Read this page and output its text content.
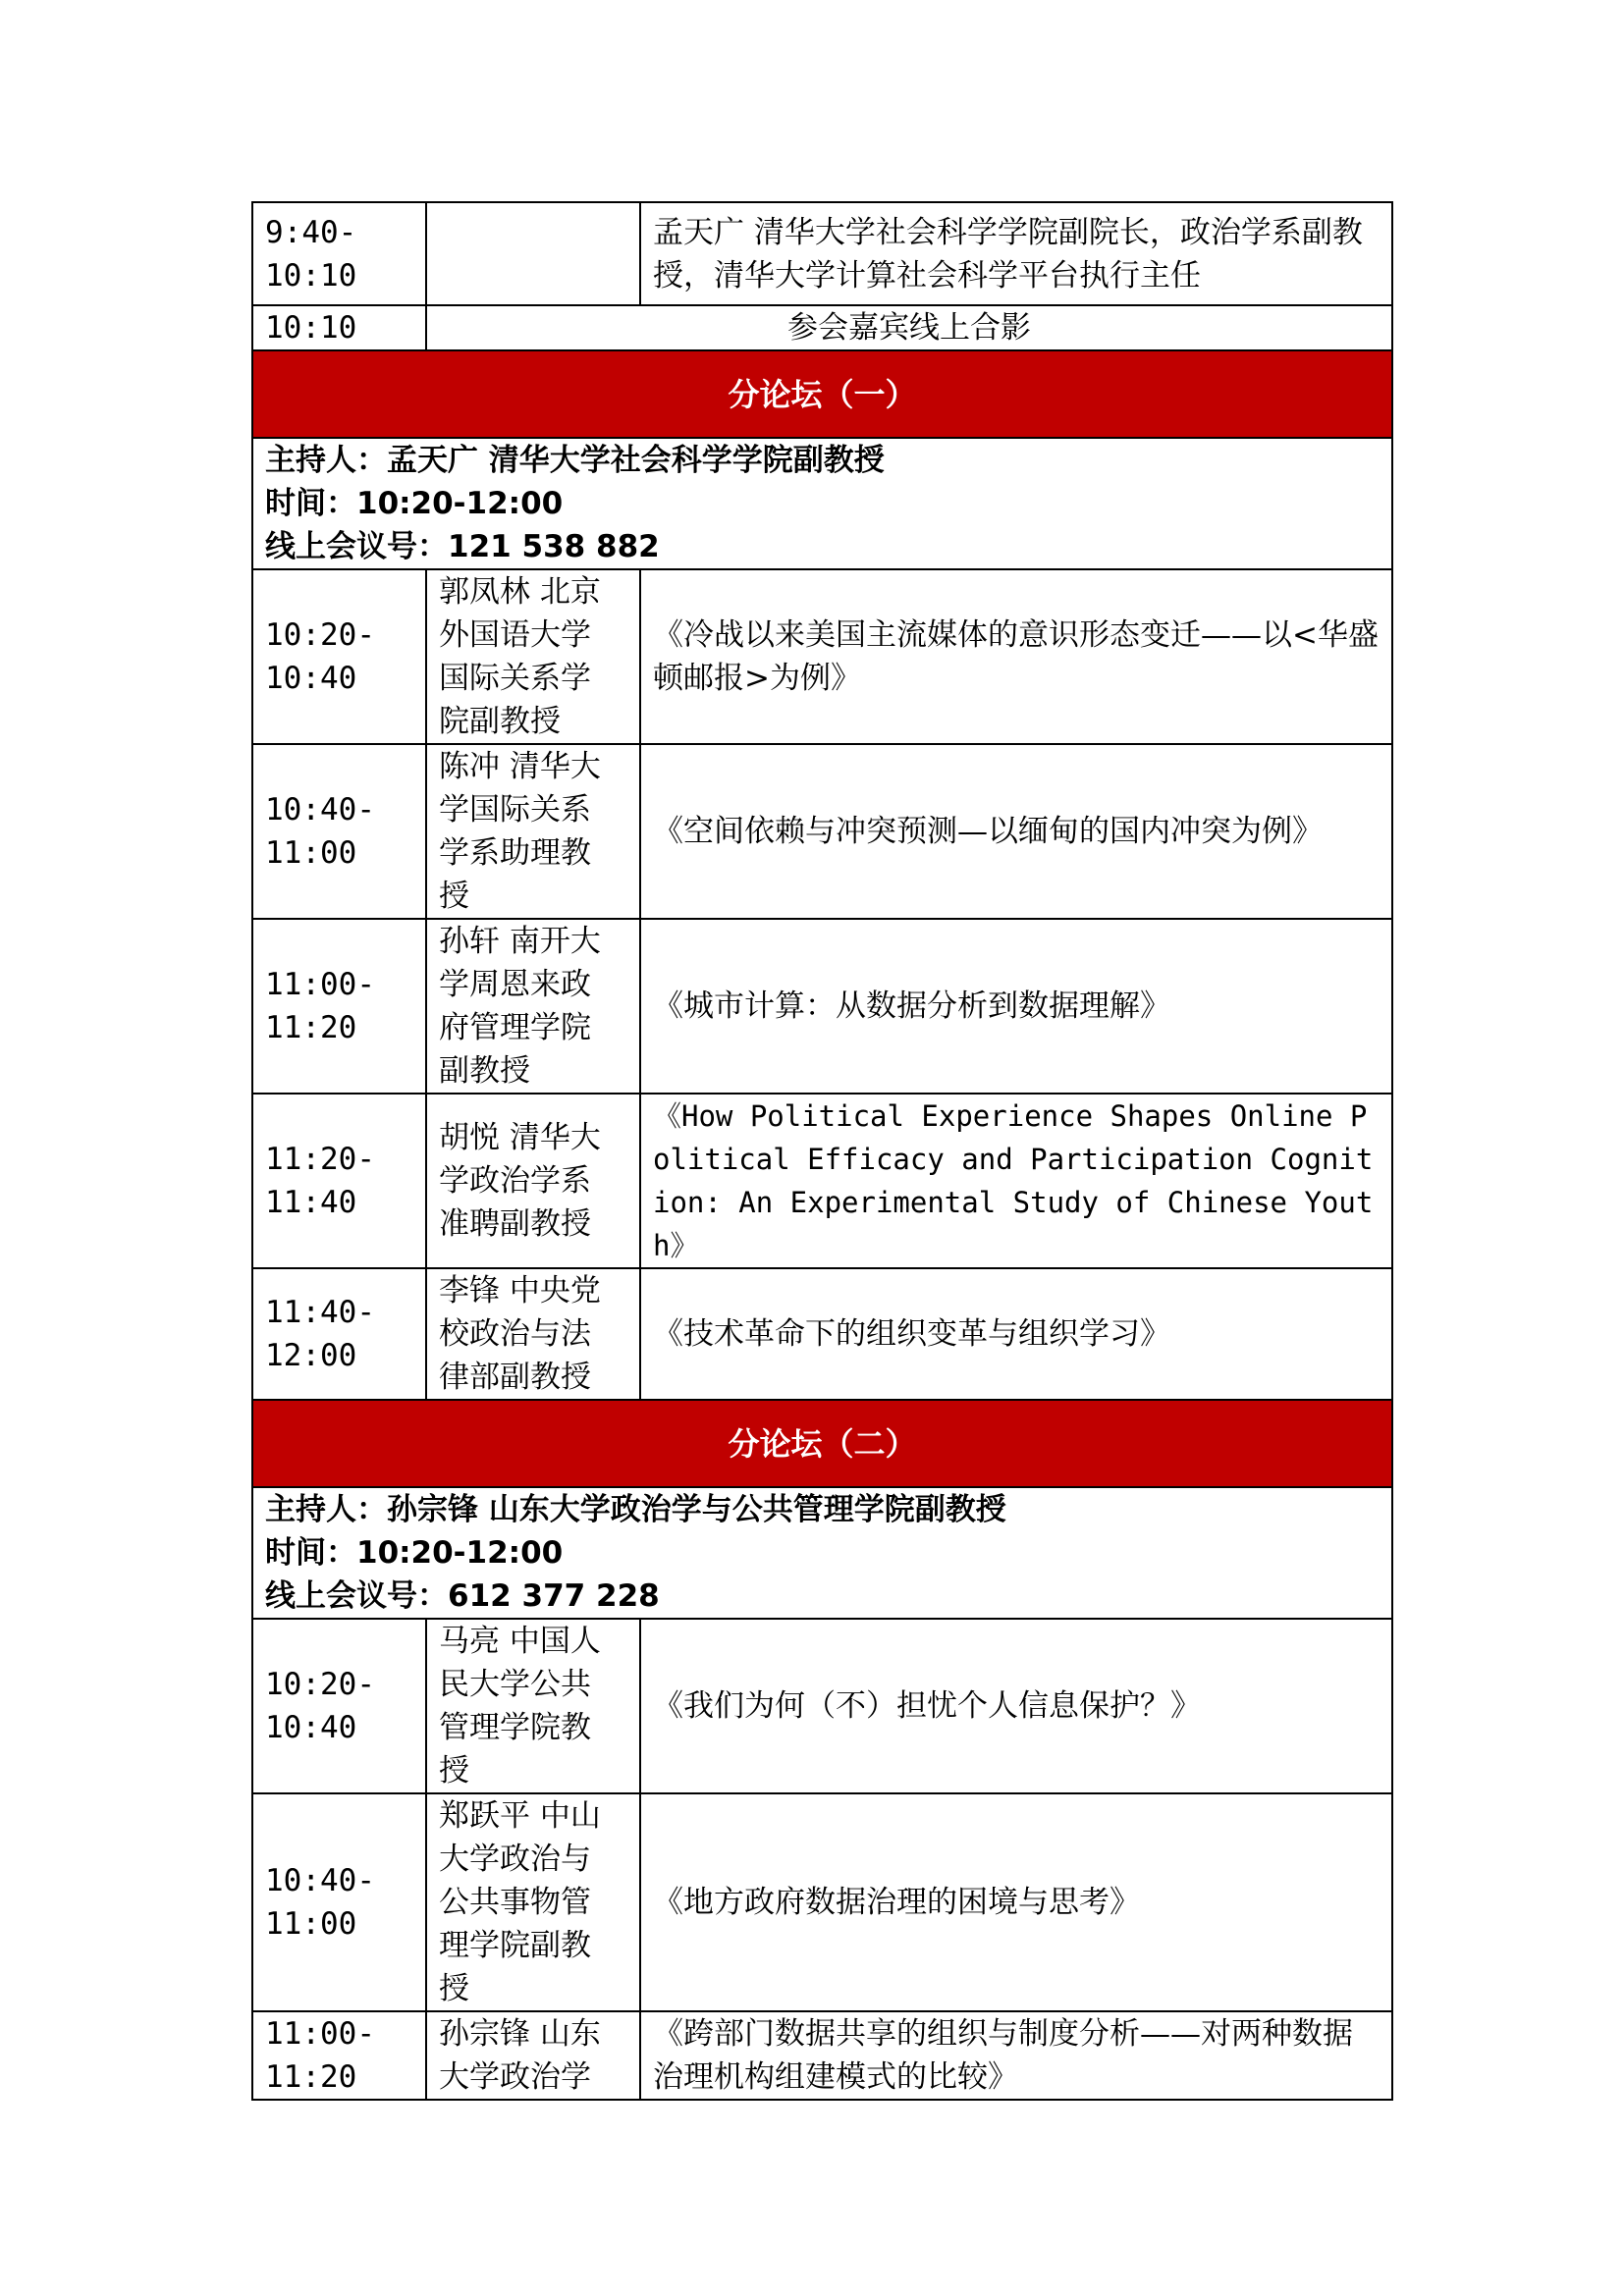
9:40-
10:10		孟天广 清华大学社会科学学院副院长，政治学系副教授，清华大学计算社会科学平台执行主任
10:10	参会嘉宾线上合影	
分论坛（一）		

主持人：孟天广 清华大学社会科学学院副教授
时间：10:20-12:00
线上会议号：121 538 882		

10:20-
10:40	郭凤林 北京
外国语大学
国际关系学
院副教授	《冷战以来美国主流媒体的意识形态变迁——以<华盛顿邮报>为例》
10:40-
11:00	陈冲 清华大
学国际关系
学系助理教
授	《空间依赖与冲突预测—以缅甸的国内冲突为例》
11:00-
11:20	孙轩 南开大
学周恩来政
府管理学院
副教授	《城市计算：从数据分析到数据理解》
11:20-
11:40	胡悦 清华大
学政治学系
准聘副教授	《How Political Experience Shapes Online Political Efficacy and Participation Cognition: An Experimental Study of Chinese Youth》
11:40-
12:00	李锋 中央党
校政治与法
律部副教授	《技术革命下的组织变革与组织学习》
分论坛（二）		

主持人：孙宗锋 山东大学政治学与公共管理学院副教授
时间：10:20-12:00
线上会议号：612 377 228		

10:20-
10:40	马亮 中国人
民大学公共
管理学院教
授	《我们为何（不）担忧个人信息保护？》
10:40-
11:00	郑跃平 中山
大学政治与
公共事物管
理学院副教
授	《地方政府数据治理的困境与思考》
11:00-
11:20	孙宗锋 山东
大学政治学	《跨部门数据共享的组织与制度分析——对两种数据治理机构组建模式的比较》
